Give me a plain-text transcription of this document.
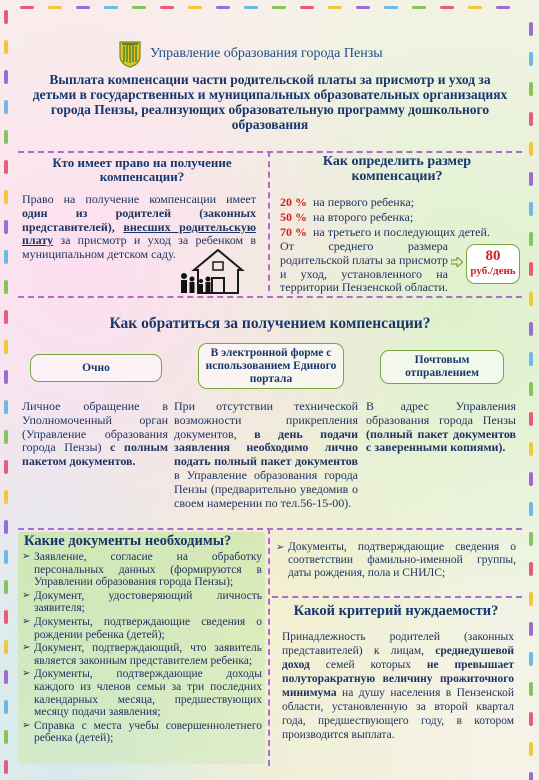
Управление образования города Пензы
Выплата компенсации части родительской платы за присмотр и уход за детьми в государственных и муниципальных образовательных организациях города Пензы, реализующих образовательную программу дошкольного образования
Кто имеет право на получение компенсации?
Право на получение компенсации имеет один из родителей (законных представителей), внесших родительскую плату за присмотр и уход за ребенком в муниципальном детском саду.
Как определить размер компенсации?
20 % на первого ребенка;
50 % на второго ребенка;
70 % на третьего и последующих детей.
От среднего размера родительской платы за присмотр и уход, установленного на территории Пензенской области.
80
руб./день
Как обратиться за получением компенсации?
Очно
В электронной форме с использованием Единого портала
Почтовым отправлением
Личное обращение в Уполномоченный орган (Управление образования города Пензы) с полным пакетом документов.
При отсутствии технической возможности прикрепления документов, в день подачи заявления необходимо лично подать полный пакет документов в Управление образования города Пензы (предварительно уведомив о своем намерении по тел.56-15-00).
В адрес Управления образования города Пензы (полный пакет документов с заверенными копиями).
Какие документы необходимы?
➢ Заявление, согласие на обработку персональных данных (формируются в Управлении образования города Пензы);
➢ Документ, удостоверяющий личность заявителя;
➢ Документы, подтверждающие сведения о рождении ребенка (детей);
➢ Документ, подтверждающий, что заявитель является законным представителем ребенка;
➢ Документы, подтверждающие доходы каждого из членов семьи за три последних календарных месяца, предшествующих месяцу подачи заявления;
➢ Справка с места учебы совершеннолетнего ребенка (детей);
➢ Документы, подтверждающие сведения о соответствии фамильно-именной группы, даты рождения, пола и СНИЛС;
Какой критерий нуждаемости?
Принадлежность родителей (законных представителей) к лицам, среднедушевой доход семей которых не превышает полуторакратную величину прожиточного минимума на душу населения в Пензенской области, установленную за второй квартал года, предшествующего году, в котором производится выплата.
